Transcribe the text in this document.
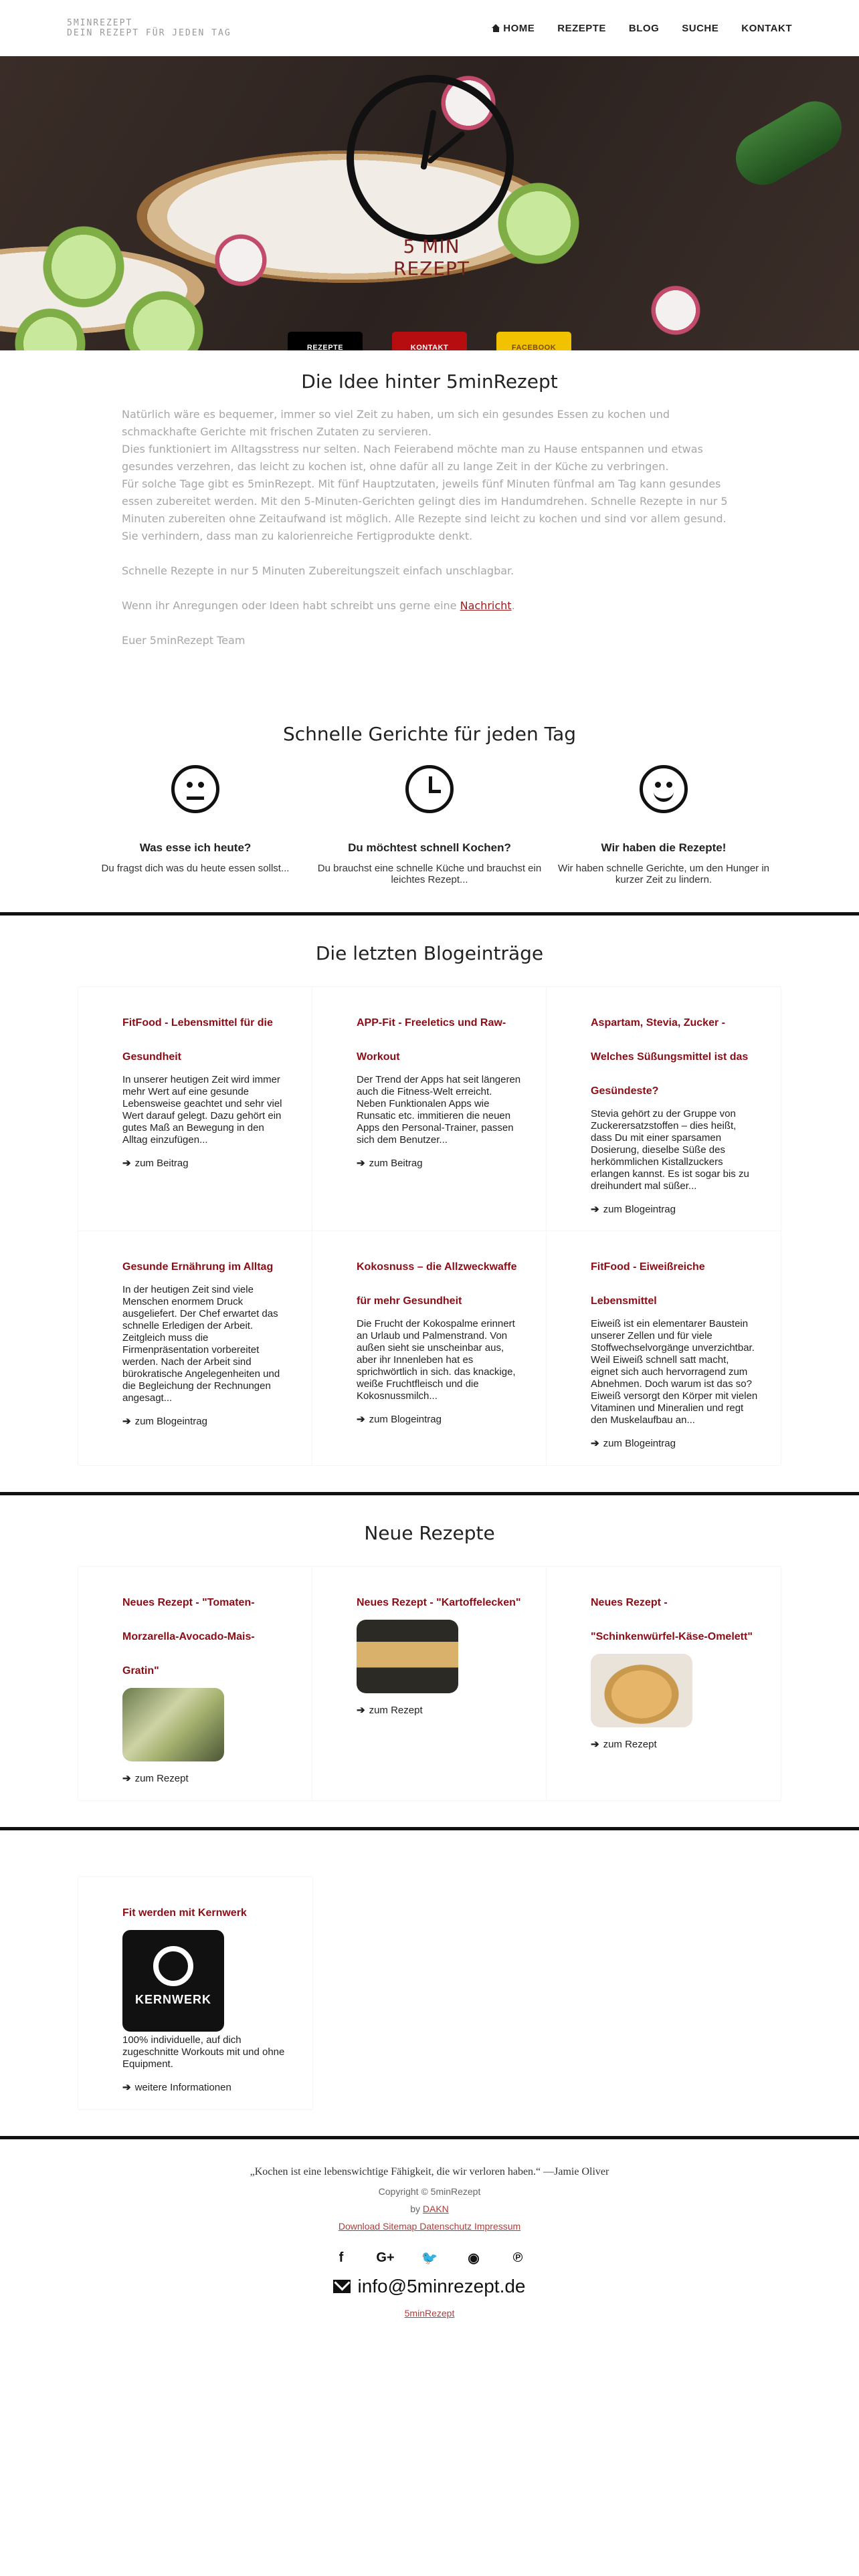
5MINREZEPT
DEIN REZEPT FÜR JEDEN TAG	HOME REZEPTE BLOG SUCHE KONTAKT
5 MIN REZEPT
REZEPTE	KONTAKT	FACEBOOK
Die Idee hinter 5minRezept

Natürlich wäre es bequemer, immer so viel Zeit zu haben, um sich ein gesundes Essen zu kochen und schmackhafte Gerichte mit frischen Zutaten zu servieren.

Dies funktioniert im Alltagsstress nur selten. Nach Feierabend möchte man zu Hause entspannen und etwas gesundes verzehren, das leicht zu kochen ist, ohne dafür all zu lange Zeit in der Küche zu verbringen.

Für solche Tage gibt es 5minRezept. Mit fünf Hauptzutaten, jeweils fünf Minuten fünfmal am Tag kann gesundes essen zubereitet werden. Mit den 5-Minuten-Gerichten gelingt dies im Handumdrehen. Schnelle Rezepte in nur 5 Minuten zubereiten ohne Zeitaufwand ist möglich. Alle Rezepte sind leicht zu kochen und sind vor allem gesund. Sie verhindern, dass man zu kalorienreiche Fertigprodukte denkt.

Schnelle Rezepte in nur 5 Minuten Zubereitungszeit einfach unschlagbar.

Wenn ihr Anregungen oder Ideen habt schreibt uns gerne eine Nachricht.

Euer 5minRezept Team

Schnelle Gerichte für jeden Tag
Was esse ich heute?

Du fragst dich was du heute essen sollst...

Du möchtest schnell Kochen?

Du brauchst eine schnelle Küche und brauchst ein leichtes Rezept...

Wir haben die Rezepte!

Wir haben schnelle Gerichte, um den Hunger in kurzer Zeit zu lindern.

Die letzten Blogeinträge
FitFood - Lebensmittel für die Gesundheit

In unserer heutigen Zeit wird immer mehr Wert auf eine gesunde Lebensweise geachtet und sehr viel Wert darauf gelegt. Dazu gehört ein gutes Maß an Bewegung in den Alltag einzufügen...

➔ zum Beitrag
APP-Fit - Freeletics und Raw-Workout

Der Trend der Apps hat seit längeren auch die Fitness-Welt erreicht. Neben Funktionalen Apps wie Runsatic etc. immitieren die neuen Apps den Personal-Trainer, passen sich dem Benutzer...

➔ zum Beitrag
Aspartam, Stevia, Zucker - Welches Süßungsmittel ist das Gesündeste?

Stevia gehört zu der Gruppe von Zuckerersatzstoffen – dies heißt, dass Du mit einer sparsamen Dosierung, dieselbe Süße des herkömmlichen Kistallzuckers erlangen kannst. Es ist sogar bis zu dreihundert mal süßer...

➔ zum Blogeintrag
Gesunde Ernährung im Alltag

In der heutigen Zeit sind viele Menschen enormem Druck ausgeliefert. Der Chef erwartet das schnelle Erledigen der Arbeit. Zeitgleich muss die Firmenpräsentation vorbereitet werden. Nach der Arbeit sind bürokratische Angelegenheiten und die Begleichung der Rechnungen angesagt...

➔ zum Blogeintrag
Kokosnuss – die Allzweckwaffe für mehr Gesundheit

Die Frucht der Kokospalme erinnert an Urlaub und Palmenstrand. Von außen sieht sie unscheinbar aus, aber ihr Innenleben hat es sprichwörtlich in sich. das knackige, weiße Fruchtfleisch und die Kokosnussmilch...

➔ zum Blogeintrag
FitFood - Eiweißreiche Lebensmittel

Eiweiß ist ein elementarer Baustein unserer Zellen und für viele Stoffwechselvorgänge unverzichtbar. Weil Eiweiß schnell satt macht, eignet sich auch hervorragend zum Abnehmen. Doch warum ist das so? Eiweiß versorgt den Körper mit vielen Vitaminen und Mineralien und regt den Muskelaufbau an...

➔ zum Blogeintrag
Neue Rezepte
Neues Rezept - "Tomaten-Morzarella-Avocado-Mais-Gratin"
➔ zum Rezept
Neues Rezept - "Kartoffelecken"
➔ zum Rezept
Neues Rezept - "Schinkenwürfel-Käse-Omelett"
➔ zum Rezept
Fit werden mit Kernwerk
KERNWERK

100% individuelle, auf dich zugeschnitte Workouts mit und ohne Equipment.

➔ weitere Informationen

„Kochen ist eine lebenswichtige Fähigkeit, die wir verloren haben.“ —Jamie Oliver

Copyright © 5minRezept

by DAKN

Download Sitemap Datenschutz Impressum

f	G+ 🐦 ◉ ℗
info@5minrezept.de
5minRezept
